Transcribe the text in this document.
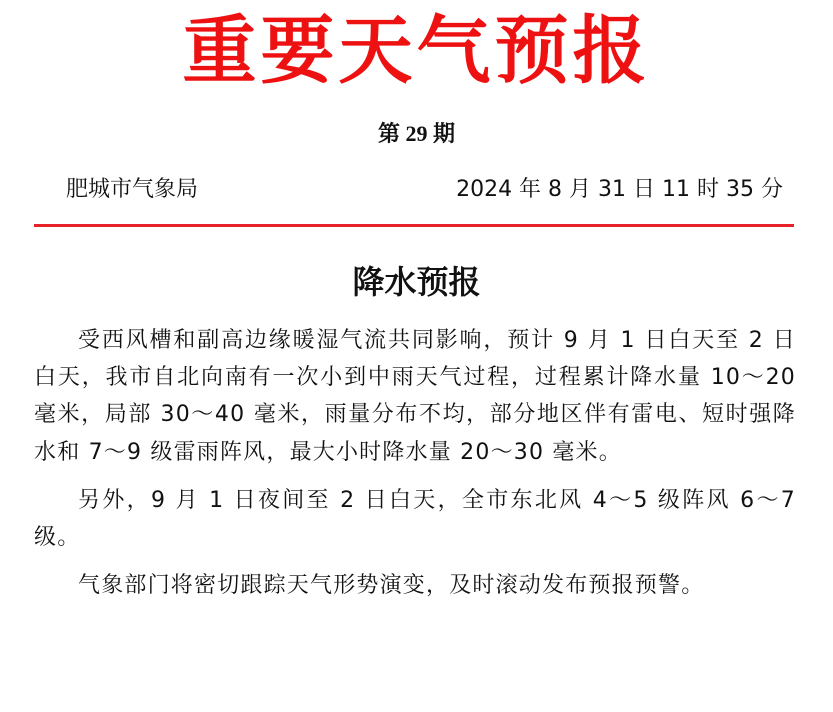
重要天气预报
第 29 期
肥城市气象局	2024 年 8 月 31 日 11 时 35 分
降水预报

受西风槽和副高边缘暖湿气流共同影响，预计 9 月 1 日白天至 2 日白天，我市自北向南有一次小到中雨天气过程，过程累计降水量 10～20 毫米，局部 30～40 毫米，雨量分布不均，部分地区伴有雷电、短时强降水和 7～9 级雷雨阵风，最大小时降水量 20～30 毫米。

另外，9 月 1 日夜间至 2 日白天，全市东北风 4～5 级阵风 6～7 级。

气象部门将密切跟踪天气形势演变，及时滚动发布预报预警。
